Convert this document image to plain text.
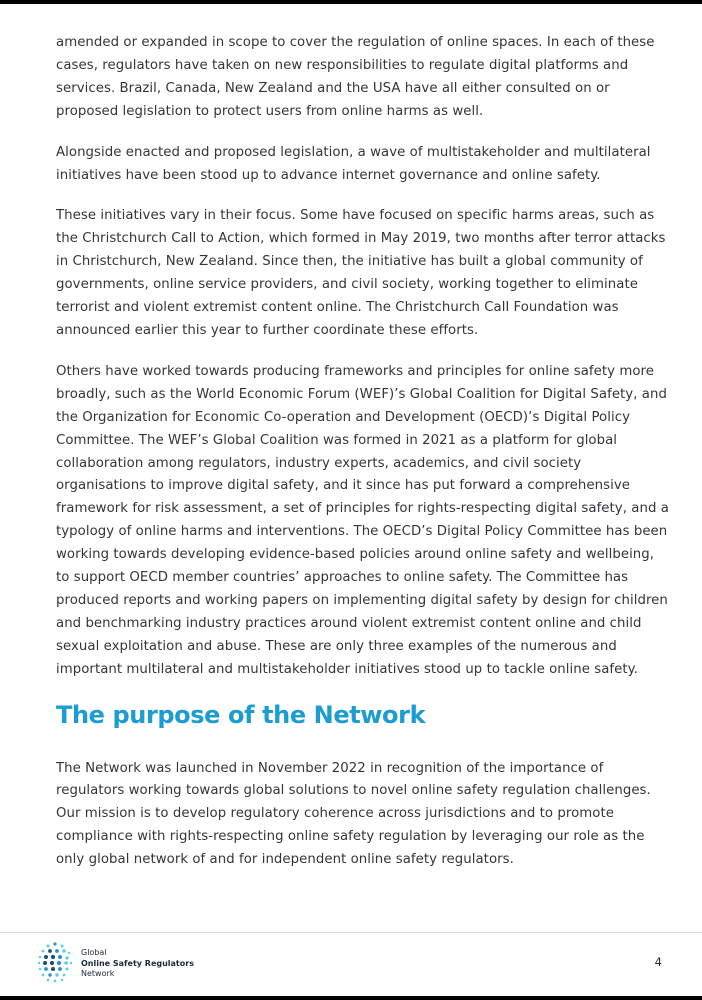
amended or expanded in scope to cover the regulation of online spaces. In each of these cases, regulators have taken on new responsibilities to regulate digital platforms and services. Brazil, Canada, New Zealand and the USA have all either consulted on or proposed legislation to protect users from online harms as well.

Alongside enacted and proposed legislation, a wave of multistakeholder and multilateral initiatives have been stood up to advance internet governance and online safety.

These initiatives vary in their focus. Some have focused on specific harms areas, such as the Christchurch Call to Action, which formed in May 2019, two months after terror attacks in Christchurch, New Zealand. Since then, the initiative has built a global community of governments, online service providers, and civil society, working together to eliminate terrorist and violent extremist content online. The Christchurch Call Foundation was announced earlier this year to further coordinate these efforts.

Others have worked towards producing frameworks and principles for online safety more broadly, such as the World Economic Forum (WEF)’s Global Coalition for Digital Safety, and the Organization for Economic Co-operation and Development (OECD)’s Digital Policy Committee. The WEF’s Global Coalition was formed in 2021 as a platform for global collaboration among regulators, industry experts, academics, and civil society organisations to improve digital safety, and it since has put forward a comprehensive framework for risk assessment, a set of principles for rights-respecting digital safety, and a typology of online harms and interventions. The OECD’s Digital Policy Committee has been working towards developing evidence-based policies around online safety and wellbeing, to support OECD member countries’ approaches to online safety. The Committee has produced reports and working papers on implementing digital safety by design for children and benchmarking industry practices around violent extremist content online and child sexual exploitation and abuse. These are only three examples of the numerous and important multilateral and multistakeholder initiatives stood up to tackle online safety.

The purpose of the Network

The Network was launched in November 2022 in recognition of the importance of regulators working towards global solutions to novel online safety regulation challenges. Our mission is to develop regulatory coherence across jurisdictions and to promote compliance with rights-respecting online safety regulation by leveraging our role as the only global network of and for independent online safety regulators.

Global
Online Safety Regulators
Network
4
